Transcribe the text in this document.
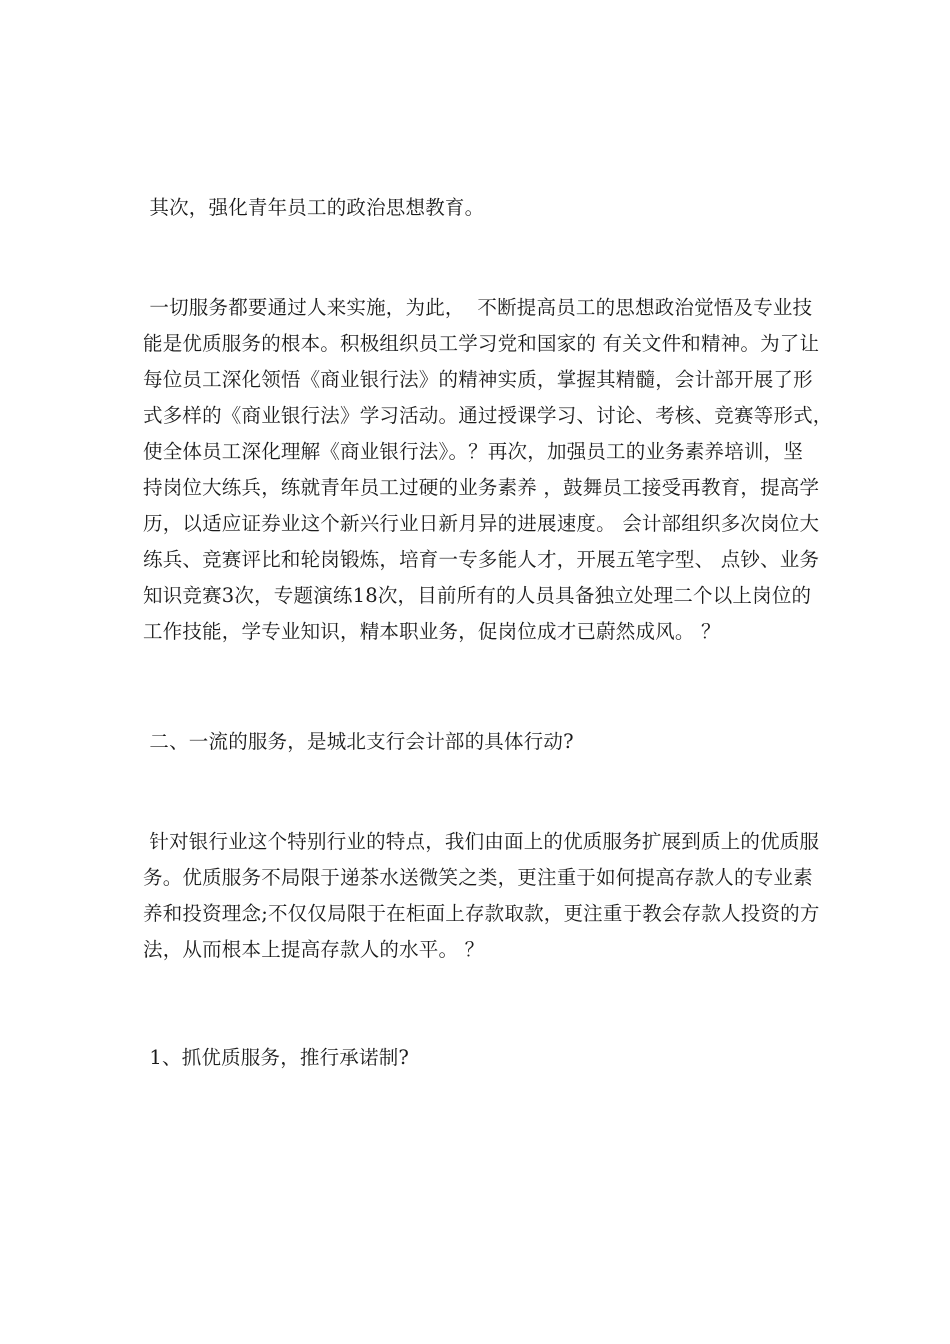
其次，强化青年员工的政治思想教育。
一切服务都要通过人来实施，为此，  不断提高员工的思想政治觉悟及专业技
能是优质服务的根本。积极组织员工学习党和国家的 有关文件和精神。为了让
每位员工深化领悟《商业银行法》的精神实质，掌握其精髓，会计部开展了形
式多样的《商业银行法》学习活动。通过授课学习、讨论、考核、竞赛等形式，
使全体员工深化理解《商业银行法》。？再次，加强员工的业务素养培训，坚
持岗位大练兵，练就青年员工过硬的业务素养 ，鼓舞员工接受再教育，提高学
历，以适应证券业这个新兴行业日新月异的进展速度。 会计部组织多次岗位大
练兵、竞赛评比和轮岗锻炼，培育一专多能人才，开展五笔字型、 点钞、业务
知识竞赛3次，专题演练18次，目前所有的人员具备独立处理二个以上岗位的
工作技能，学专业知识，精本职业务，促岗位成才已蔚然成风。 ？
二、一流的服务，是城北支行会计部的具体行动?
针对银行业这个特别行业的特点，我们由面上的优质服务扩展到质上的优质服
务。优质服务不局限于递茶水送微笑之类，更注重于如何提高存款人的专业素
养和投资理念;不仅仅局限于在柜面上存款取款，更注重于教会存款人投资的方
法，从而根本上提高存款人的水平。 ？
1、抓优质服务，推行承诺制?
